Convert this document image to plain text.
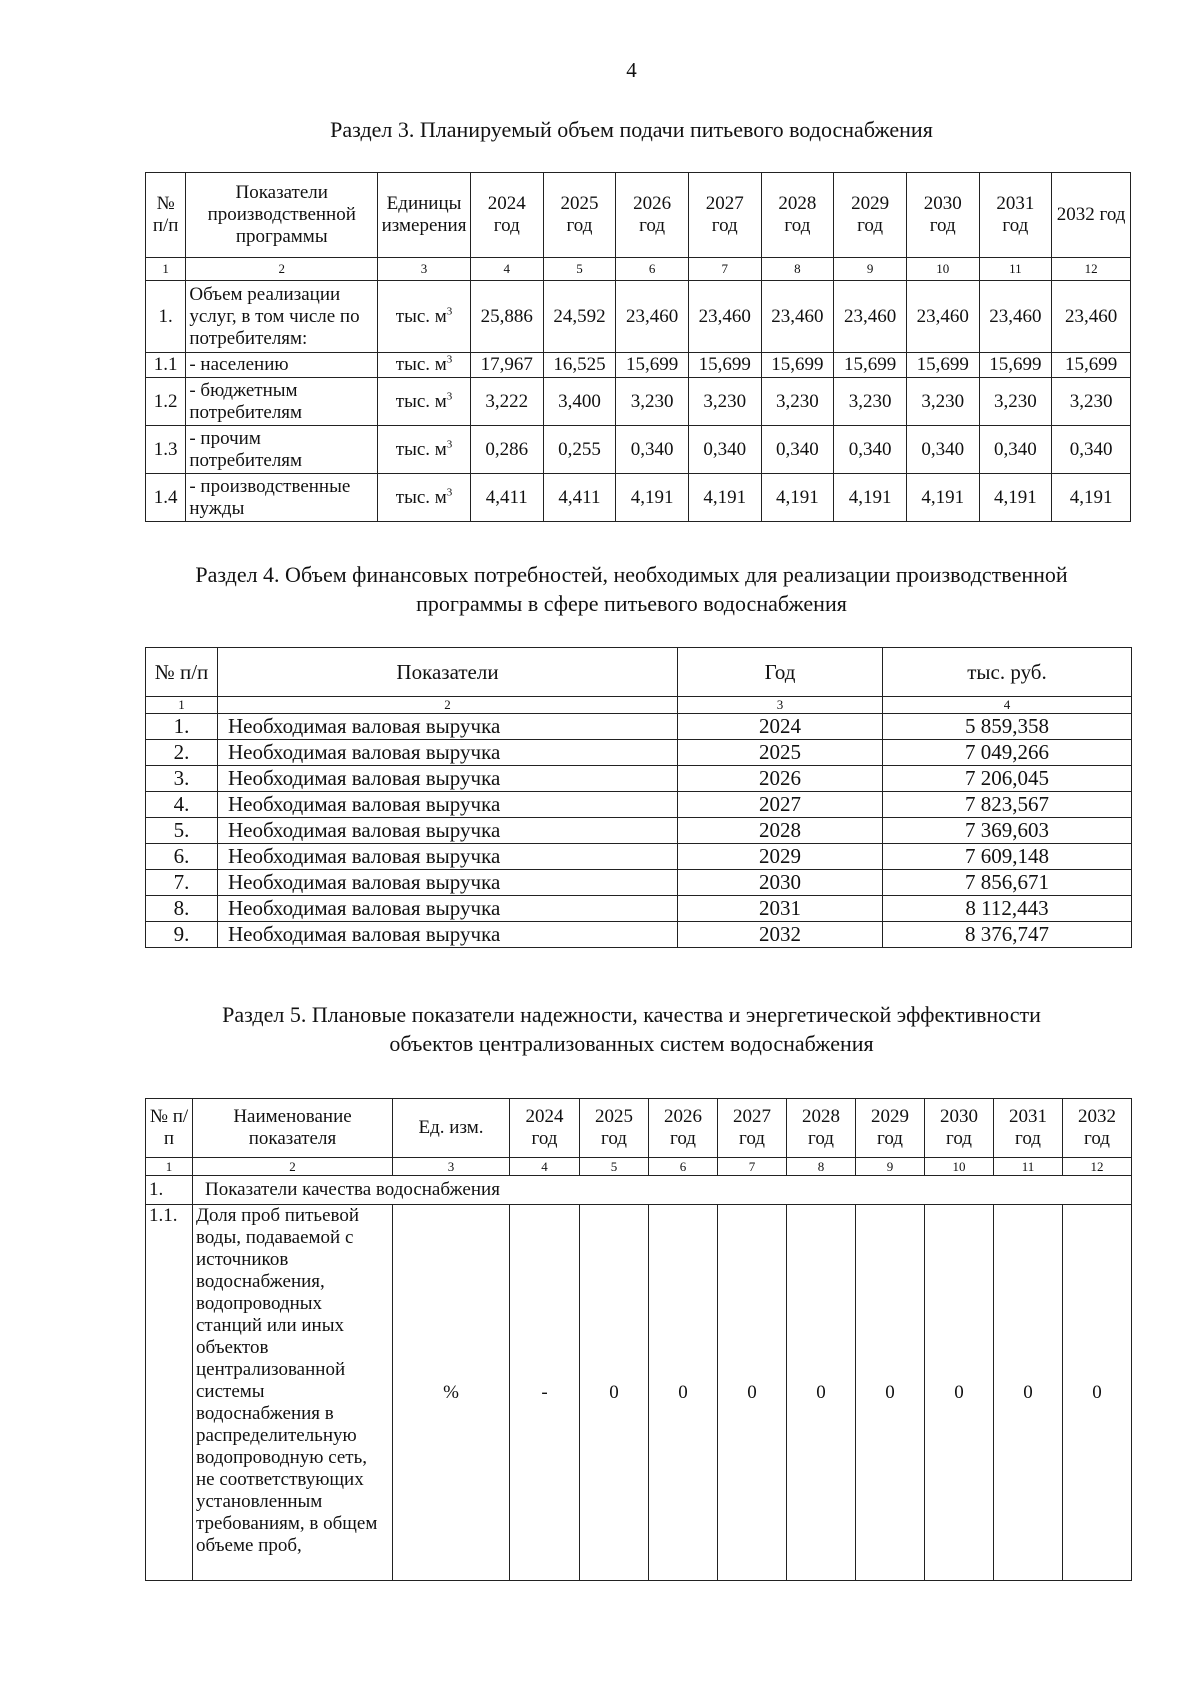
4
Раздел 3. Планируемый объем подачи питьевого водоснабжения
№ п/п	Показатели производственной программы	Единицы измерения	2024 год	2025 год	2026 год	2027 год	2028 год	2029 год	2030 год	2031 год	2032 год
1	2	3	4	5	6	7	8	9	10	11	12
1.	Объем реализации услуг, в том числе по потребителям:	тыс. $м^3$	25,886	24,592	23,460	23,460	23,460	23,460	23,460	23,460	23,460
1.1	- населению	тыс. $м^3$	17,967	16,525	15,699	15,699	15,699	15,699	15,699	15,699	15,699
1.2	- бюджетным потребителям	тыс. $м^3$	3,222	3,400	3,230	3,230	3,230	3,230	3,230	3,230	3,230
1.3	- прочим потребителям	тыс. $м^3$	0,286	0,255	0,340	0,340	0,340	0,340	0,340	0,340	0,340
1.4	- производственные нужды	тыс. $м^3$	4,411	4,411	4,191	4,191	4,191	4,191	4,191	4,191	4,191
Раздел 4. Объем финансовых потребностей, необходимых для реализации производственной
программы в сфере питьевого водоснабжения
№ п/п	Показатели	Год	тыс. руб.
1	2	3	4
1.	Необходимая валовая выручка	2024	5 859,358
2.	Необходимая валовая выручка	2025	7 049,266
3.	Необходимая валовая выручка	2026	7 206,045
4.	Необходимая валовая выручка	2027	7 823,567
5.	Необходимая валовая выручка	2028	7 369,603
6.	Необходимая валовая выручка	2029	7 609,148
7.	Необходимая валовая выручка	2030	7 856,671
8.	Необходимая валовая выручка	2031	8 112,443
9.	Необходимая валовая выручка	2032	8 376,747
Раздел 5. Плановые показатели надежности, качества и энергетической эффективности
объектов централизованных систем водоснабжения
№ п/п	Наименование показателя	Ед. изм.	2024 год	2025 год	2026 год	2027 год	2028 год	2029 год	2030 год	2031 год	2032 год
1	2	3	4	5	6	7	8	9	10	11	12
1.	Показатели качества водоснабжения										
1.1.	Доля проб питьевой воды, подаваемой с источников водоснабжения, водопроводных станций или иных объектов централизованной системы водоснабжения в распределительную водопроводную сеть, не соответствующих установленным требованиям, в общем объеме проб,	%	-	0	0	0	0	0	0	0	0
